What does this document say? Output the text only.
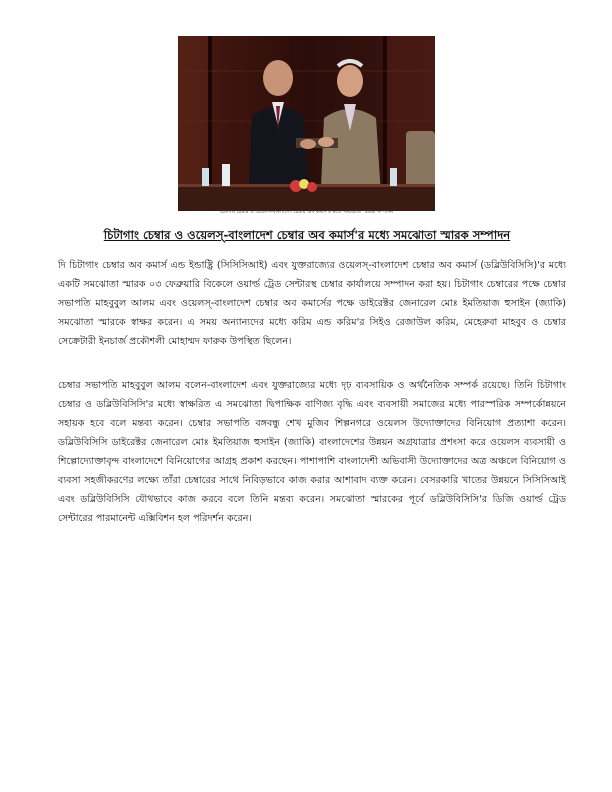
চিটাগাং চেম্বার ও ওয়েলস-বাংলাদেশ চেম্বার অব কমার্স'র মধ্যে সমঝোতা স্মারক সম্পাদন
চিটাগাং চেম্বার ও ওয়েলস্-বাংলাদেশ চেম্বার অব কমার্স'র মধ্যে সমঝোতা স্মারক সম্পাদন

দি চিটাগাং চেম্বার অব কমার্স এন্ড ইন্ডাষ্ট্রি (সিসিসিআই) এবং যুক্তরাজ্যের ওয়েলস্-বাংলাদেশ চেম্বার অব কমার্স (ডব্লিউবিসিসি)'র মধ্যে একটি সমঝোতা স্মারক ০৩ ফেব্রুয়ারি বিকেলে ওয়ার্ল্ড ট্রেড সেন্টারস্থ চেম্বার কার্যালয়ে সম্পাদন করা হয়। চিটাগাং চেম্বারের পক্ষে চেম্বার সভাপতি মাহবুবুল আলম এবং ওয়েলস্-বাংলাদেশ চেম্বার অব কমার্সের পক্ষে ডাইরেক্টর জেনারেল মোঃ ইমতিয়াজ হুসাইন (জ্যাকি) সমঝোতা স্মারকে স্বাক্ষর করেন। এ সময় অন্যান্যদের মধ্যে করিম এন্ড করিম'র সিইও রেজাউল করিম, মেহেরুবা মাহবুব ও চেম্বার সেক্রেটারী ইনচার্জ প্রকৌশলী মোহাম্মদ ফারুক উপস্থিত ছিলেন।

চেম্বার সভাপতি মাহবুবুল আলম বলেন-বাংলাদেশ এবং যুক্তরাজ্যের মধ্যে দৃঢ় ব্যবসায়িক ও অর্থনৈতিক সম্পর্ক রয়েছে। তিনি চিটাগাং চেম্বার ও ডব্লিউবিসিসি'র মধ্যে স্বাক্ষরিত এ সমঝোতা দ্বিপাক্ষিক বাণিজ্য বৃদ্ধি এবং ব্যবসায়ী সমাজের মধ্যে পারস্পরিক সম্পর্কোন্নয়নে সহায়ক হবে বলে মন্তব্য করেন। চেম্বার সভাপতি বঙ্গবন্ধু শেখ মুজিব শিল্পনগরে ওয়েলস উদ্যোক্তাদের বিনিয়োগ প্রত্যাশা করেন। ডব্লিউবিসিসি ডাইরেক্টর জেনারেল মোঃ ইমতিয়াজ হুসাইন (জ্যাকি) বাংলাদেশের উন্নয়ন অগ্রযাত্রার প্রশংসা করে ওয়েলস ব্যবসায়ী ও শিল্পোদ্যোক্তাবৃন্দ বাংলাদেশে বিনিয়োগের আগ্রহ প্রকাশ করছেন। পাশাপাশি বাংলাদেশী অভিবাসী উদ্যোক্তাদের অত্র অঞ্চলে বিনিয়োগ ও ব্যবসা সহজীকরণের লক্ষ্যে তাঁরা চেম্বারের সাথে নিবিড়ভাবে কাজ করার আশাবাদ ব্যক্ত করেন। বেসরকারি খাতের উন্নয়নে সিসিসিআই এবং ডব্লিউবিসিসি যৌথভাবে কাজ করবে বলে তিনি মন্তব্য করেন। সমঝোতা স্মারকের পূর্বে ডব্লিউবিসিসি'র ডিজি ওয়ার্ল্ড ট্রেড সেন্টারের পারমানেন্ট এক্সিবিশন হল পরিদর্শন করেন।
